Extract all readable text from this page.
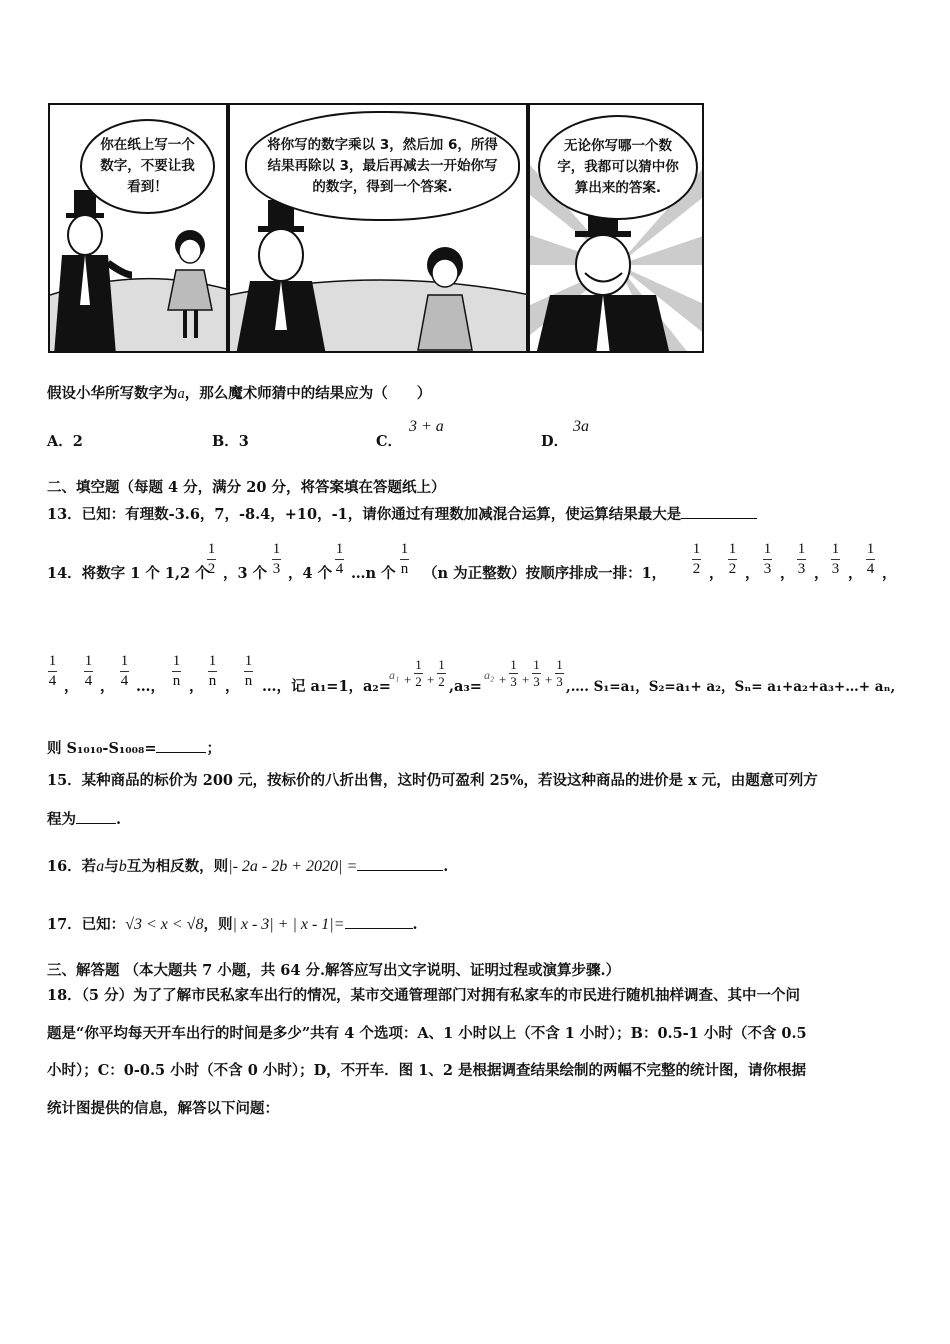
你在纸上写一个数字，不要让我看到！
将你写的数字乘以 3，然后加 6，所得结果再除以 3，最后再减去一开始你写的数字，得到一个答案.
无论你写哪一个数字，我都可以猜中你算出来的答案.
假设小华所写数字为a，那么魔术师猜中的结果应为（　　）
A．2	B．3	C．
3 + a
D．
3a
二、填空题（每题 4 分，满分 20 分，将答案填在答题纸上）
13．已知：有理数-3.6，7，-8.4，+10，-1，请你通过有理数加减混合运算，使运算结果最大是
14．将数字 1 个 1,2 个
1
2 ，3 个
1
3 ，4 个
1
4 …n 个
1
n （n 为正整数）按顺序排成一排：1，
1
2 ，
1
2 ，
1
3 ，
1
3 ，
1
3 ，
1
4 ，
1
4 ，
1
4 ，
1
4 …，
1
n ，
1
n ，
1
n …，记 a₁=1，a₂=
a₁ +
1
2 +
1
2 ,a₃=
a₂ +
1
3 +
1
3 +
1
3 ,…. S₁=a₁，S₂=a₁+ a₂，Sₙ= a₁+a₂+a₃+…+ aₙ,
则 S₁₀₁₀-S₁₀₀₈=	；
15．某种商品的标价为 200 元，按标价的八折出售，这时仍可盈利 25%，若设这种商品的进价是 x 元，由题意可列方
程为	.
16．若a与b互为相反数，则|- 2a - 2b + 2020| =	.
17．已知：√3 < x < √8，则| x - 3| + | x - 1|=	.
三、解答题 （本大题共 7 小题，共 64 分.解答应写出文字说明、证明过程或演算步骤.）
18．（5 分）为了了解市民私家车出行的情况，某市交通管理部门对拥有私家车的市民进行随机抽样调查、其中一个问
题是“你平均每天开车出行的时间是多少”共有 4 个选项：A、1 小时以上（不含 1 小时）；B：0.5-1 小时（不含 0.5
小时）；C：0-0.5 小时（不含 0 小时）；D，不开车．图 1、2 是根据调查结果绘制的两幅不完整的统计图，请你根据
统计图提供的信息，解答以下问题：
